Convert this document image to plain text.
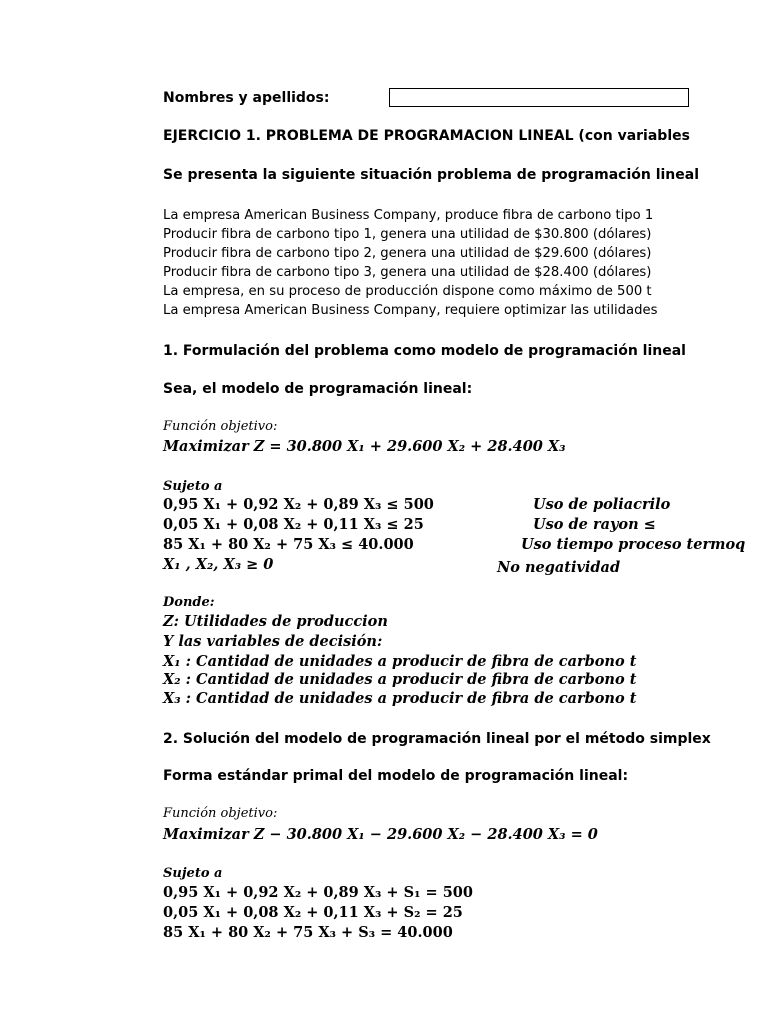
Nombres y apellidos:
EJERCICIO 1. PROBLEMA DE PROGRAMACION LINEAL (con variables
Se presenta la siguiente situación problema de programación lineal
La empresa American Business Company, produce fibra de carbono tipo 1
Producir fibra de carbono tipo 1, genera una utilidad de $30.800 (dólares)
Producir fibra de carbono tipo 2, genera una utilidad de $29.600 (dólares)
Producir fibra de carbono tipo 3, genera una utilidad de $28.400 (dólares)
La empresa, en su proceso de producción dispone como máximo de 500 t
La empresa American Business Company, requiere optimizar las utilidades
1. Formulación del problema como modelo de programación lineal
Sea, el modelo de programación lineal:
Función objetivo:
Maximizar Z = 30.800 X₁ + 29.600 X₂ + 28.400 X₃
Sujeto a
0,95 X₁ + 0,92 X₂ + 0,89 X₃ ≤ 500
0,05 X₁ + 0,08 X₂ + 0,11 X₃ ≤ 25
85 X₁ + 80 X₂ + 75 X₃ ≤ 40.000
X₁ , X₂, X₃ ≥ 0
Uso de poliacrilo
Uso de rayon ≤
Uso tiempo proceso termoq
No negatividad
Donde:
Z: Utilidades de produccion
Y las variables de decisión:
X₁ : Cantidad de unidades a producir de fibra de carbono t
X₂ : Cantidad de unidades a producir de fibra de carbono t
X₃ : Cantidad de unidades a producir de fibra de carbono t
2. Solución del modelo de programación lineal por el método simplex
Forma estándar primal del modelo de programación lineal:
Función objetivo:
Maximizar Z − 30.800 X₁ − 29.600 X₂ − 28.400 X₃ = 0
Sujeto a
0,95 X₁ + 0,92 X₂ + 0,89 X₃ + S₁ = 500
0,05 X₁ + 0,08 X₂ + 0,11 X₃ + S₂ = 25
85 X₁ + 80 X₂ + 75 X₃ + S₃ = 40.000
